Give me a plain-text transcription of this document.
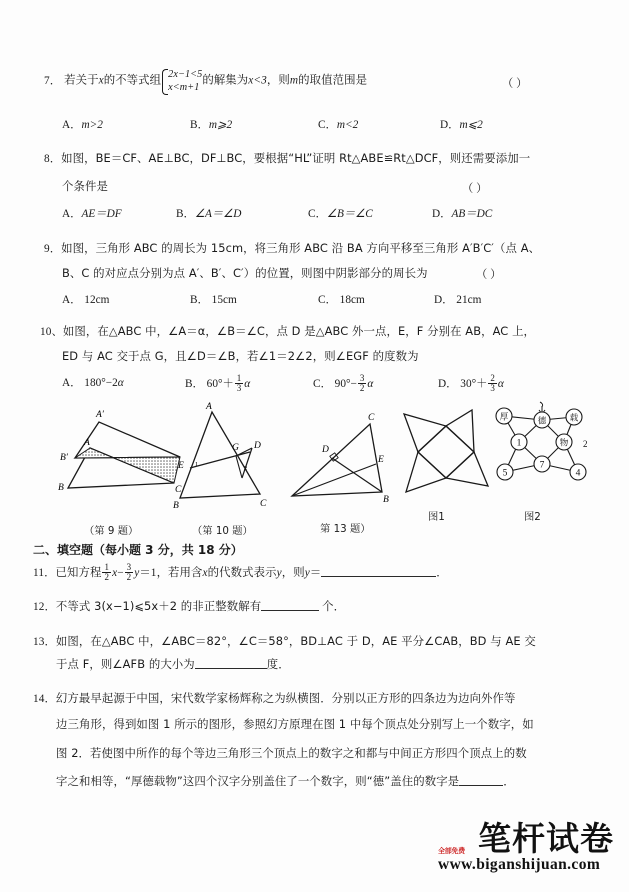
7． 若关于x的不等式组 2x−1<5
x<m+1
的解集为x<3，则m的取值范围是	（ ）
A．m>2	B．m⩾2	C．m<2	D．m⩽2
8．如图，BE＝CF、AE⊥BC，DF⊥BC，要根据“HL”证明 Rt△ABE≌Rt△DCF，则还需要添加一
个条件是	（ ）
A．AE＝DF	B．∠A＝∠D	C．∠B＝∠C	D．AB＝DC
9．如图，三角形 ABC 的周长为 15cm，将三角形 ABC 沿 BA 方向平移至三角形 A′B′C′（点 A、
B、C 的对应点分别为点 A′、B′、C′）的位置，则图中阴影部分的周长为	（ ）
A． 12cm	B． 15cm	C． 18cm	D． 21cm
10、如图，在△ABC 中，∠A＝α，∠B＝∠C，点 D 是△ABC 外一点，E，F 分别在 AB，AC 上，
ED 与 AC 交于点 G，且∠D＝∠B，若∠1＝2∠2，则∠EGF 的度数为
A． 180°−2α	B． $60^\circ+ \frac{1}{3}$ α	C． $90^\circ- \frac{3}{2}$ α	D． $30^\circ+ \frac{2}{3}$ α
A′
A
B′
B	C
（第 9 题）
A
G D
E
B	C
1
2
（第 10 题）
C
D
E
B
第 13 题）
图1
厚	德	载
物
1
5
7
4
2
图2
二、填空题（每小题 3 分，共 18 分）
11．已知方程 $\frac{1}{2} x- \frac{3}{2} y=1$，若用含x的代数式表示y，则y＝	．
12．不等式 3(x−1)⩽5x＋2 的非正整数解有	个．
13．如图，在△ABC 中，∠ABC＝82°，∠C＝58°，BD⊥AC 于 D，AE 平分∠CAB，BD 与 AE 交
于点 F，则∠AFB 的大小为	度．
14．幻方最早起源于中国，宋代数学家杨辉称之为纵横图．分别以正方形的四条边为边向外作等
边三角形，得到如图 1 所示的图形，参照幻方原理在图 1 中每个顶点处分别写上一个数字，如
图 2．若使图中所作的每个等边三角形三个顶点上的数字之和都与中间正方形四个顶点上的数
字之和相等，“厚德载物”这四个汉字分别盖住了一个数字，则“德”盖住的数字是	．
笔杆试卷
全部免费
www.biganshijuan.com
